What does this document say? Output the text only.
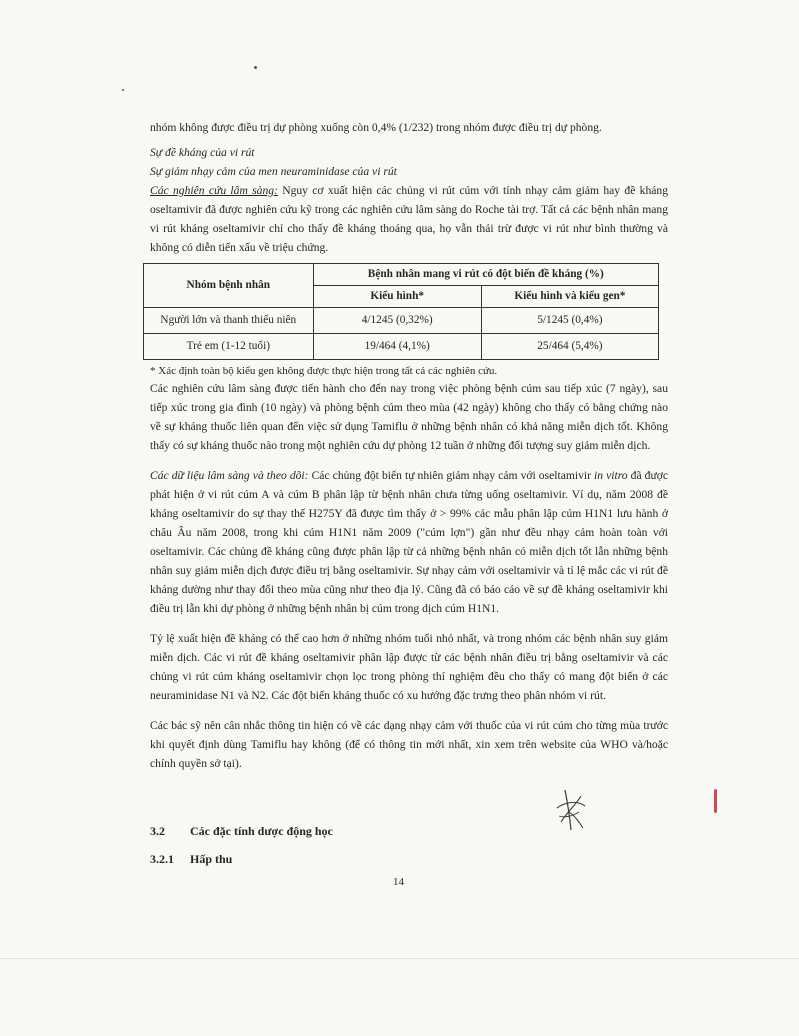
nhóm không được điều trị dự phòng xuống còn 0,4% (1/232) trong nhóm được điều trị dự phòng.

Sự đề kháng của vi rút

Sự giảm nhạy cảm của men neuraminidase của vi rút

Các nghiên cứu lâm sàng: Nguy cơ xuất hiện các chủng vi rút cúm với tính nhạy cảm giảm hay đề kháng oseltamivir đã được nghiên cứu kỹ trong các nghiên cứu lâm sàng do Roche tài trợ. Tất cả các bệnh nhân mang vi rút kháng oseltamivir chỉ cho thấy đề kháng thoáng qua, họ vẫn thải trừ được vi rút như bình thường và không có diễn tiến xấu về triệu chứng.

Nhóm bệnh nhân	Bệnh nhân mang vi rút có đột biến đề kháng (%)	
	Kiểu hình*	Kiểu hình và kiểu gen*
Người lớn và thanh thiếu niên	4/1245 (0,32%)	5/1245 (0,4%)
Trẻ em (1-12 tuổi)	19/464 (4,1%)	25/464 (5,4%)

* Xác định toàn bộ kiểu gen không được thực hiện trong tất cả các nghiên cứu.

Các nghiên cứu lâm sàng được tiến hành cho đến nay trong việc phòng bệnh cúm sau tiếp xúc (7 ngày), sau tiếp xúc trong gia đình (10 ngày) và phòng bệnh cúm theo mùa (42 ngày) không cho thấy có bằng chứng nào về sự kháng thuốc liên quan đến việc sử dụng Tamiflu ở những bệnh nhân có khả năng miễn dịch tốt. Không thấy có sự kháng thuốc nào trong một nghiên cứu dự phòng 12 tuần ở những đối tượng suy giảm miễn dịch.

Các dữ liệu lâm sàng và theo dõi: Các chủng đột biến tự nhiên giảm nhạy cảm với oseltamivir in vitro đã được phát hiện ở vi rút cúm A và cúm B phân lập từ bệnh nhân chưa từng uống oseltamivir. Ví dụ, năm 2008 đề kháng oseltamivir do sự thay thế H275Y đã được tìm thấy ở > 99% các mẫu phân lập cúm H1N1 lưu hành ở châu Âu năm 2008, trong khi cúm H1N1 năm 2009 ("cúm lợn") gần như đều nhạy cảm hoàn toàn với oseltamivir. Các chủng đề kháng cũng được phân lập từ cả những bệnh nhân có miễn dịch tốt lẫn những bệnh nhân suy giảm miễn dịch được điều trị bằng oseltamivir. Sự nhạy cảm với oseltamivir và tỉ lệ mắc các vi rút đề kháng dường như thay đổi theo mùa cũng như theo địa lý. Cũng đã có báo cáo về sự đề kháng oseltamivir khi điều trị lẫn khi dự phòng ở những bệnh nhân bị cúm trong dịch cúm H1N1.

Tỷ lệ xuất hiện đề kháng có thể cao hơn ở những nhóm tuổi nhỏ nhất, và trong nhóm các bệnh nhân suy giảm miễn dịch. Các vi rút đề kháng oseltamivir phân lập được từ các bệnh nhân điều trị bằng oseltamivir và các chủng vi rút cúm kháng oseltamivir chọn lọc trong phòng thí nghiệm đều cho thấy có mang đột biến ở các neuraminidase N1 và N2. Các đột biến kháng thuốc có xu hướng đặc trưng theo phân nhóm vi rút.

Các bác sỹ nên cân nhắc thông tin hiện có về các dạng nhạy cảm với thuốc của vi rút cúm cho từng mùa trước khi quyết định dùng Tamiflu hay không (để có thông tin mới nhất, xin xem trên website của WHO và/hoặc chính quyền sở tại).

3.2	Các đặc tính dược động học
3.2.1	Hấp thu
14
